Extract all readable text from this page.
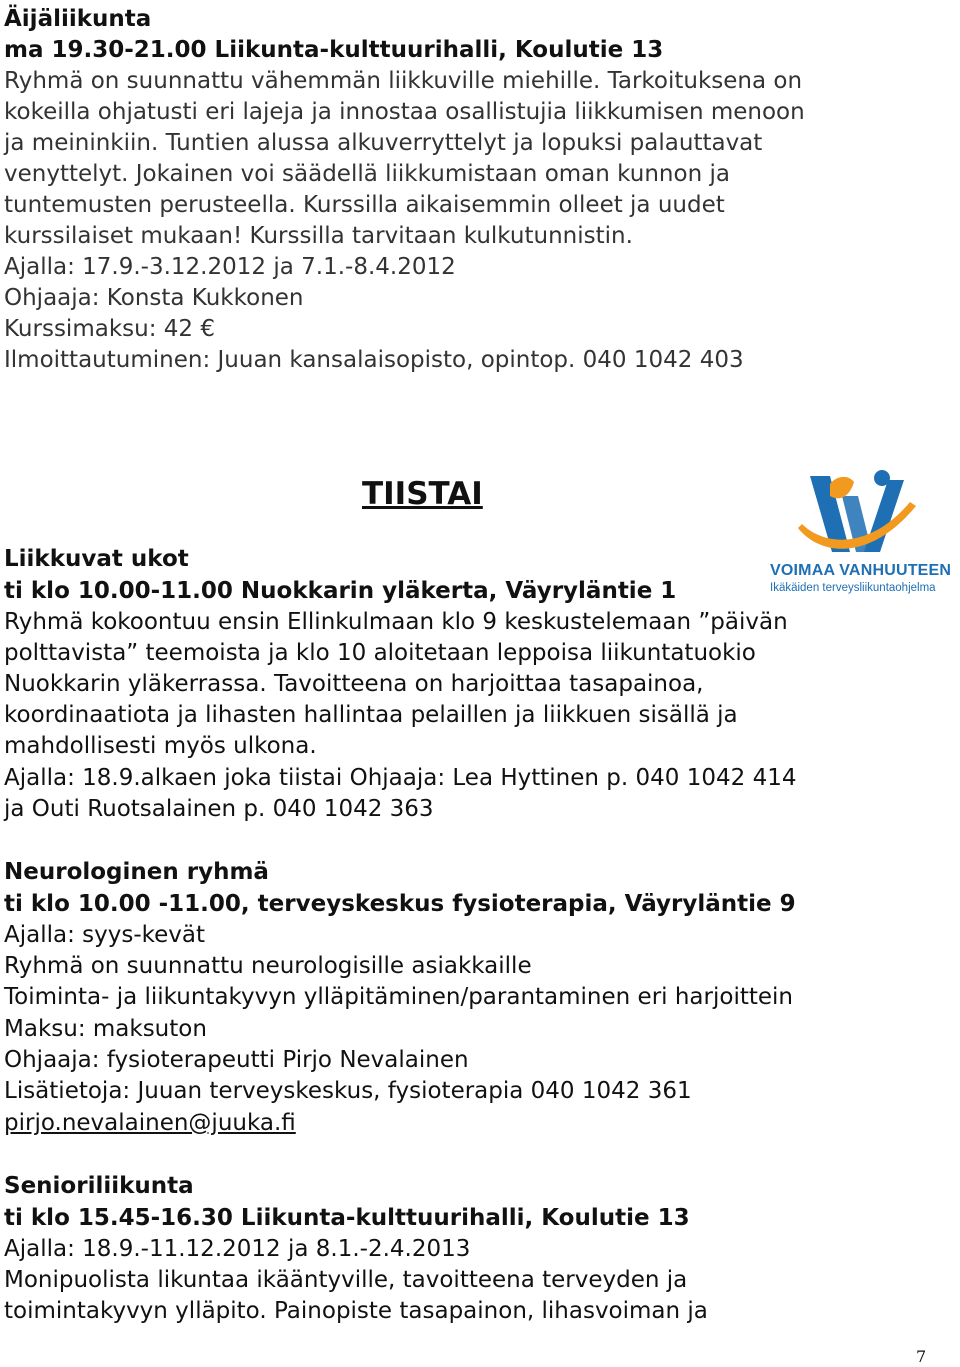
Äijäliikunta
ma 19.30-21.00 Liikunta-kulttuurihalli, Koulutie 13
Ryhmä on suunnattu vähemmän liikkuville miehille. Tarkoituksena on
kokeilla ohjatusti eri lajeja ja innostaa osallistujia liikkumisen menoon
ja meininkiin. Tuntien alussa alkuverryttelyt ja lopuksi palauttavat
venyttelyt. Jokainen voi säädellä liikkumistaan oman kunnon ja
tuntemusten perusteella. Kurssilla aikaisemmin olleet ja uudet
kurssilaiset mukaan! Kurssilla tarvitaan kulkutunnistin.
Ajalla: 17.9.-3.12.2012 ja 7.1.-8.4.2012
Ohjaaja: Konsta Kukkonen
Kurssimaksu: 42 €
Ilmoittautuminen: Juuan kansalaisopisto, opintop. 040 1042 403
TIISTAI
VOIMAA VANHUUTEEN
Ikäkäiden terveysliikuntaohjelma
Liikkuvat ukot
ti klo 10.00-11.00 Nuokkarin yläkerta, Väyryläntie 1
Ryhmä kokoontuu ensin Ellinkulmaan klo 9 keskustelemaan ”päivän
polttavista” teemoista ja klo 10 aloitetaan leppoisa liikuntatuokio
Nuokkarin yläkerrassa. Tavoitteena on harjoittaa tasapainoa,
koordinaatiota ja lihasten hallintaa pelaillen ja liikkuen sisällä ja
mahdollisesti myös ulkona.
Ajalla: 18.9.alkaen joka tiistai Ohjaaja: Lea Hyttinen p. 040 1042 414
ja Outi Ruotsalainen p. 040 1042 363
Neurologinen ryhmä
ti klo 10.00 -11.00, terveyskeskus fysioterapia, Väyryläntie 9
Ajalla: syys-kevät
Ryhmä on suunnattu neurologisille asiakkaille
Toiminta- ja liikuntakyvyn ylläpitäminen/parantaminen eri harjoittein
Maksu: maksuton
Ohjaaja: fysioterapeutti Pirjo Nevalainen
Lisätietoja: Juuan terveyskeskus, fysioterapia 040 1042 361
pirjo.nevalainen@juuka.fi
Senioriliikunta
ti klo 15.45-16.30 Liikunta-kulttuurihalli, Koulutie 13
Ajalla: 18.9.-11.12.2012 ja 8.1.-2.4.2013
Monipuolista likuntaa ikääntyville, tavoitteena terveyden ja
toimintakyvyn ylläpito. Painopiste tasapainon, lihasvoiman ja
7
